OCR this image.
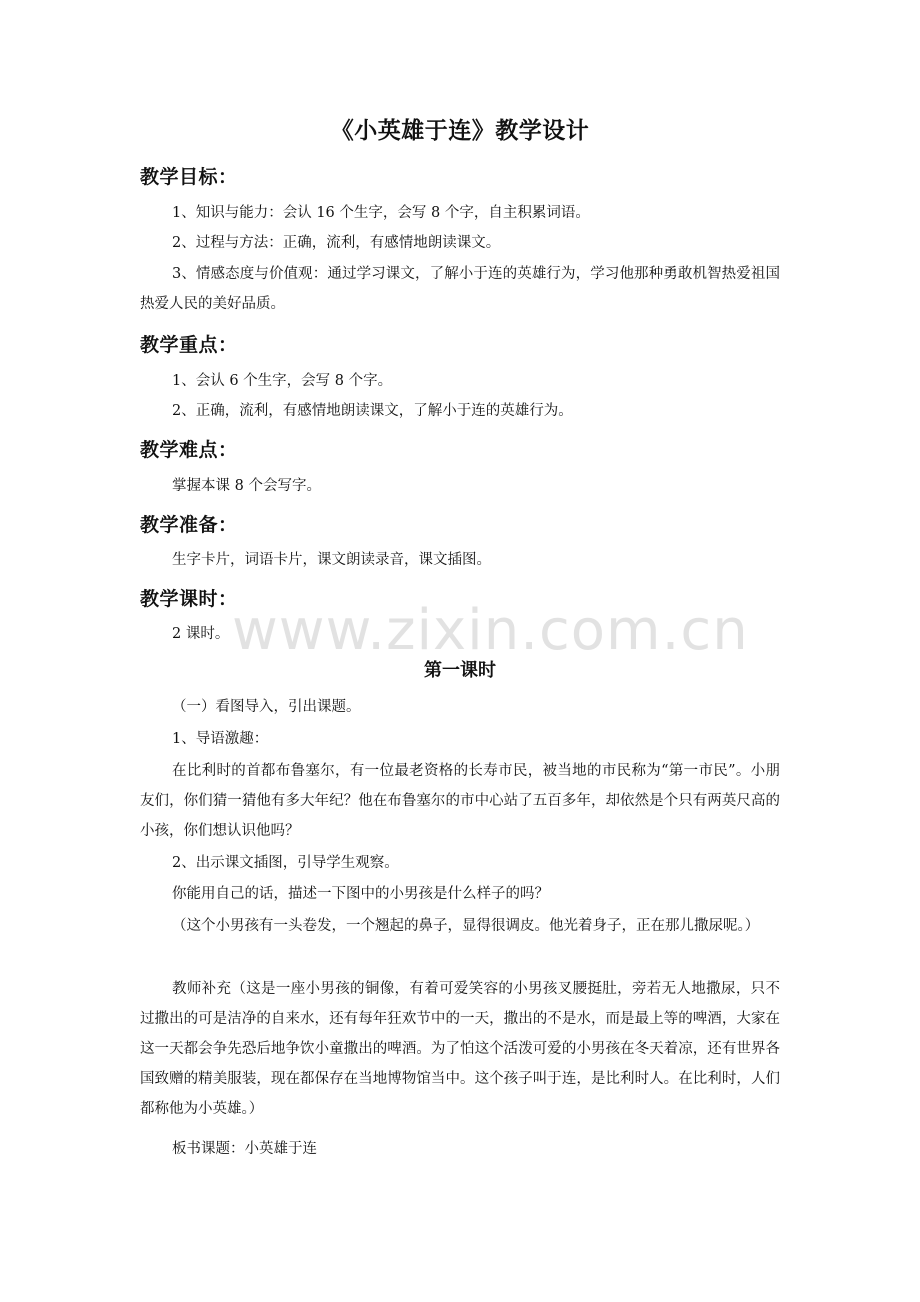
《小英雄于连》教学设计
教学目标：
1、知识与能力：会认 16 个生字，会写 8 个字，自主积累词语。
2、过程与方法：正确，流利，有感情地朗读课文。
3、情感态度与价值观：通过学习课文，了解小于连的英雄行为，学习他那种勇敢机智热爱祖国热爱人民的美好品质。
教学重点：
1、会认 6 个生字，会写 8 个字。
2、正确，流利，有感情地朗读课文，了解小于连的英雄行为。
教学难点：
掌握本课 8 个会写字。
教学准备：
生字卡片，词语卡片，课文朗读录音，课文插图。
教学课时：
2 课时。 www.zixin.com.cn
第一课时
（一）看图导入，引出课题。
1、导语激趣：
在比利时的首都布鲁塞尔，有一位最老资格的长寿市民，被当地的市民称为“第一市民”。小朋友们，你们猜一猜他有多大年纪？他在布鲁塞尔的市中心站了五百多年，却依然是个只有两英尺高的小孩，你们想认识他吗？
2、出示课文插图，引导学生观察。
你能用自己的话，描述一下图中的小男孩是什么样子的吗？
（这个小男孩有一头卷发，一个翘起的鼻子，显得很调皮。他光着身子，正在那儿撒尿呢。）
教师补充（这是一座小男孩的铜像，有着可爱笑容的小男孩叉腰挺肚，旁若无人地撒尿，只不过撒出的可是洁净的自来水，还有每年狂欢节中的一天，撒出的不是水，而是最上等的啤酒，大家在这一天都会争先恐后地争饮小童撒出的啤酒。为了怕这个活泼可爱的小男孩在冬天着凉，还有世界各国致赠的精美服装，现在都保存在当地博物馆当中。这个孩子叫于连，是比利时人。在比利时，人们都称他为小英雄。）
板书课题：小英雄于连
